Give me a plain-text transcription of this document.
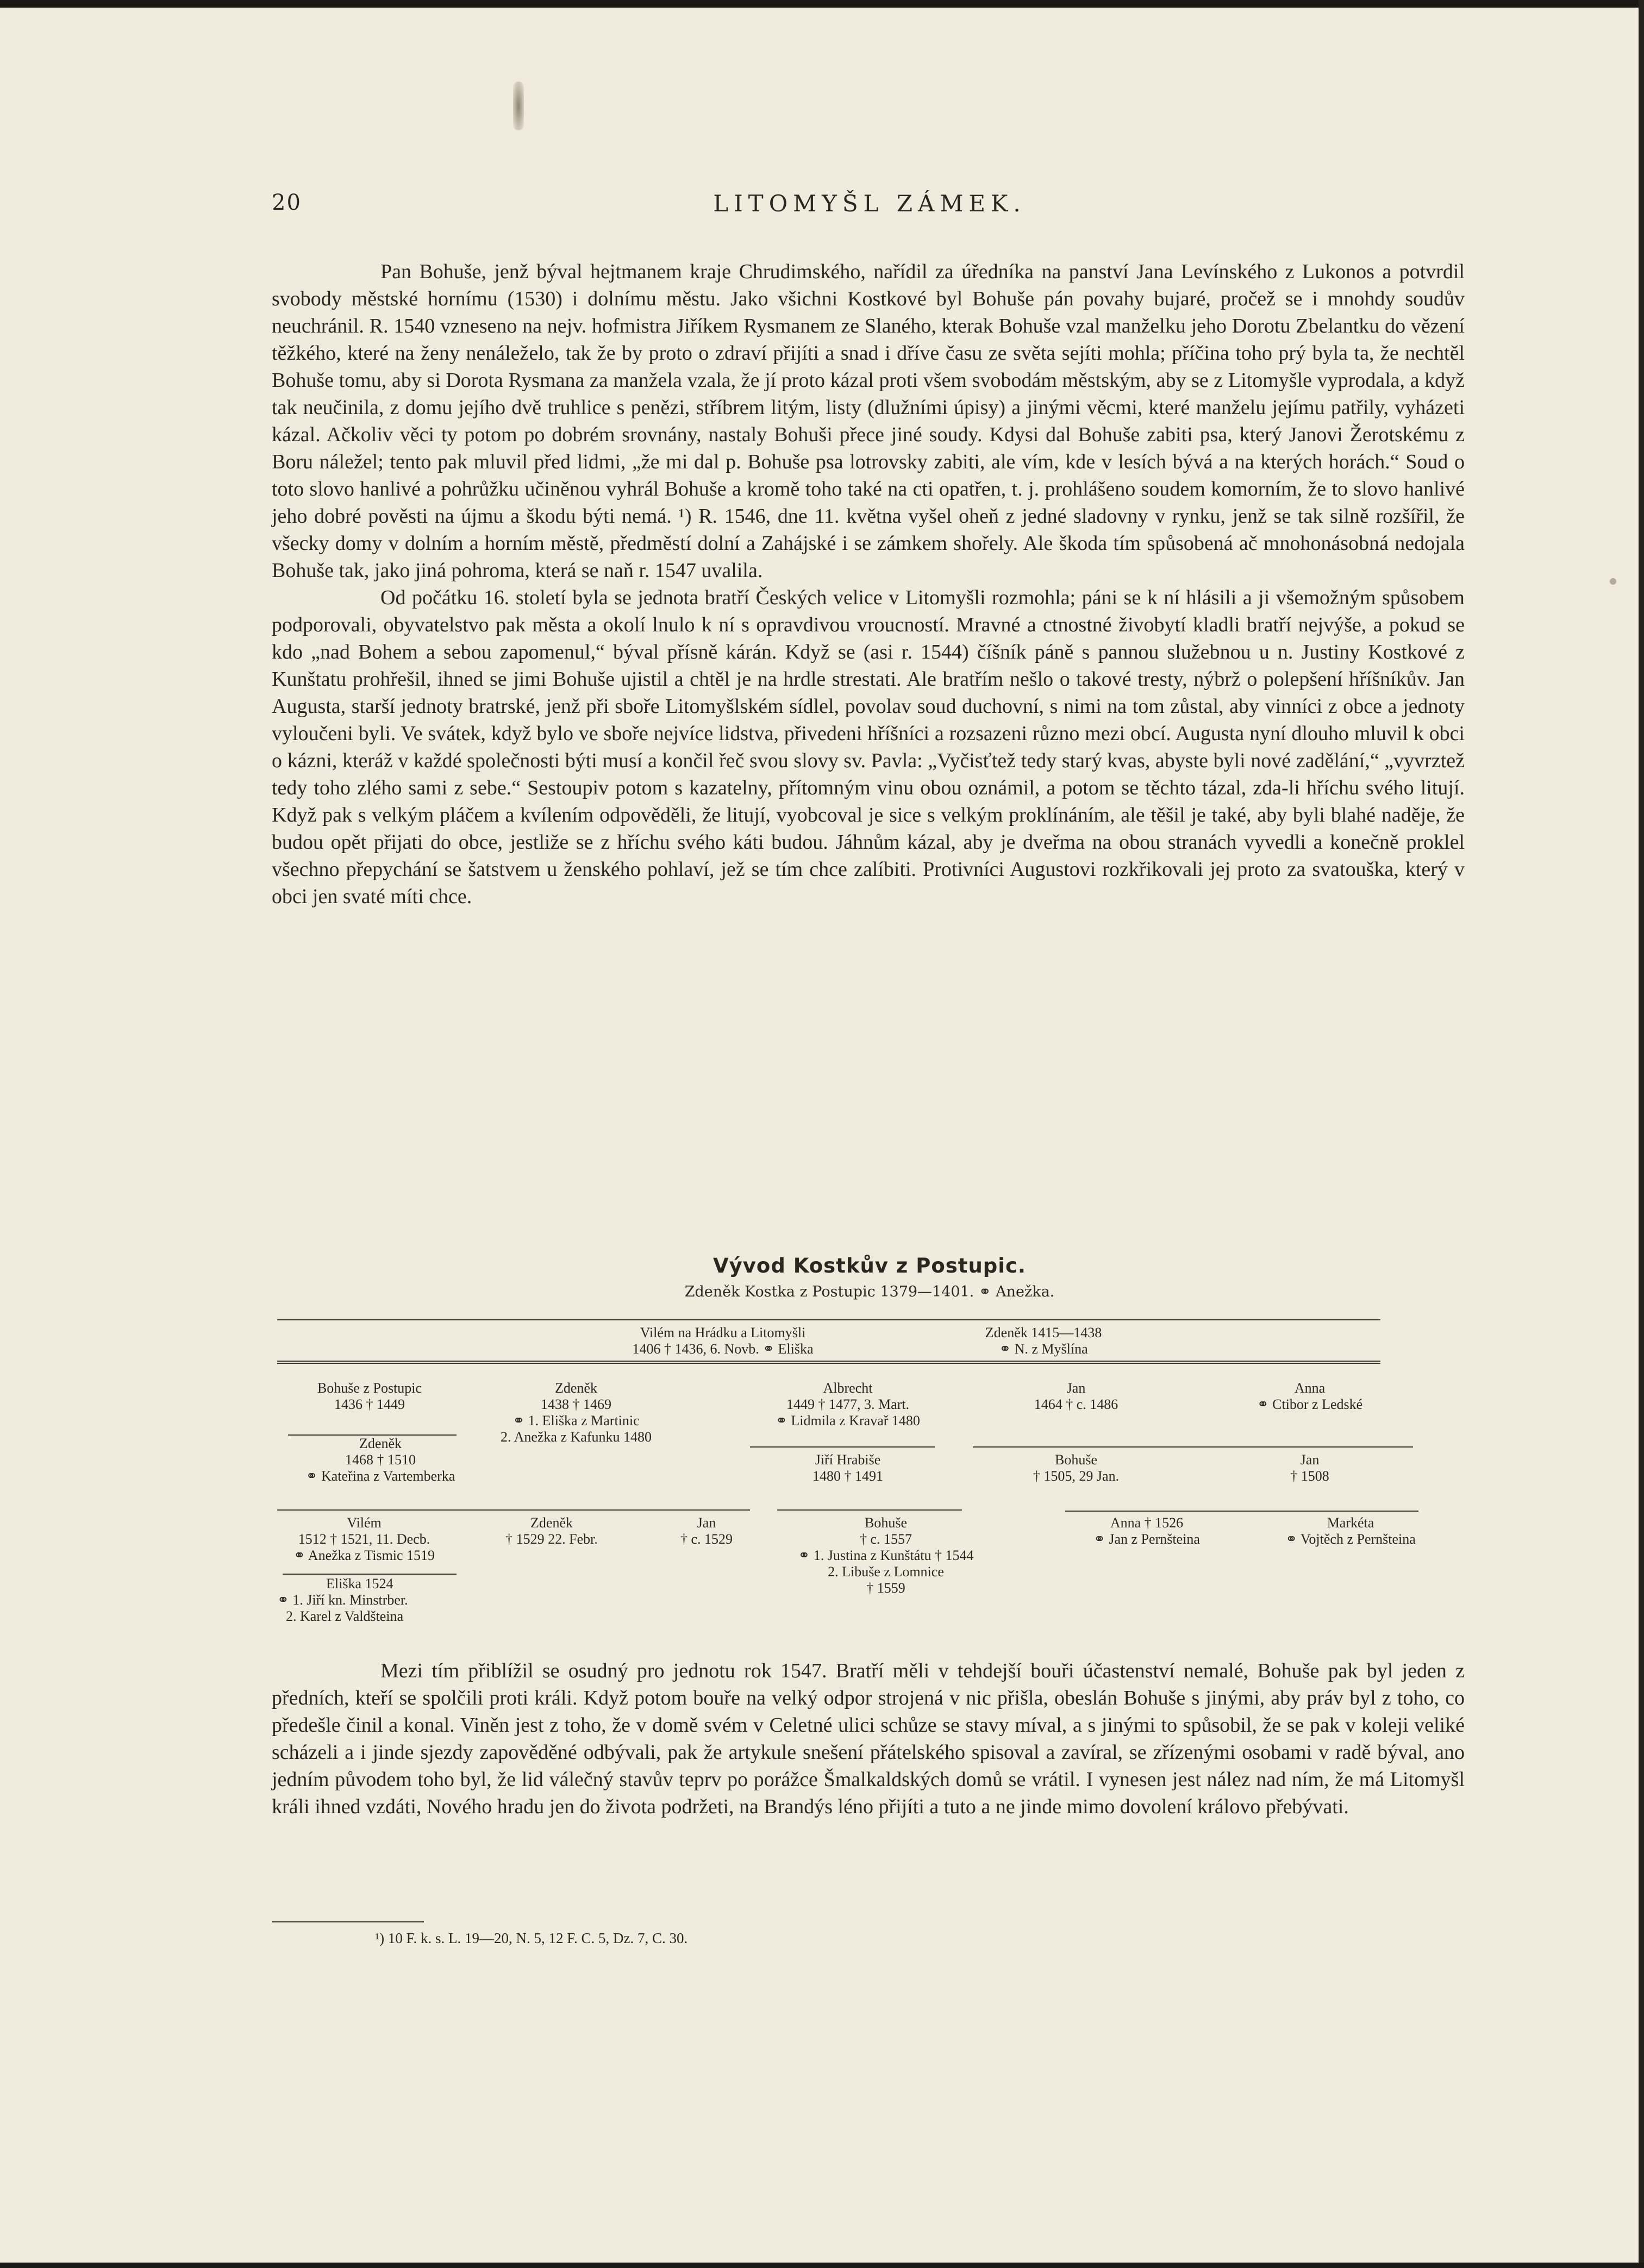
20	LITOMYŠL ZÁMEK.

Pan Bohuše, jenž býval hejtmanem kraje Chrudimského, nařídil za úředníka na panství Jana Levínského z Lukonos a potvrdil svobody městské hornímu (1530) i dolnímu městu. Jako všichni Kostkové byl Bohuše pán povahy bujaré, pročež se i mnohdy soudův neuchránil. R. 1540 vzneseno na nejv. hofmistra Jiříkem Rysmanem ze Slaného, kterak Bohuše vzal manželku jeho Dorotu Zbelantku do vězení těžkého, které na ženy nenáleželo, tak že by proto o zdraví přijíti a snad i dříve času ze světa sejíti mohla; příčina toho prý byla ta, že nechtěl Bohuše tomu, aby si Dorota Rysmana za manžela vzala, že jí proto kázal proti všem svobodám městským, aby se z Litomyšle vyprodala, a když tak neučinila, z domu jejího dvě truhlice s penězi, stříbrem litým, listy (dlužními úpisy) a jinými věcmi, které manželu jejímu patřily, vyházeti kázal. Ačkoliv věci ty potom po dobrém srovnány, nastaly Bohuši přece jiné soudy. Kdysi dal Bohuše zabiti psa, který Janovi Žerotskému z Boru náležel; tento pak mluvil před lidmi, „že mi dal p. Bohuše psa lotrovsky zabiti, ale vím, kde v lesích bývá a na kterých horách.“ Soud o toto slovo hanlivé a pohrůžku učiněnou vyhrál Bohuše a kromě toho také na cti opatřen, t. j. prohlášeno soudem komorním, že to slovo hanlivé jeho dobré pověsti na újmu a škodu býti nemá. ¹) R. 1546, dne 11. května vyšel oheň z jedné sladovny v rynku, jenž se tak silně rozšířil, že všecky domy v dolním a horním městě, předměstí dolní a Zahájské i se zámkem shořely. Ale škoda tím spůsobená ač mnohonásobná nedojala Bohuše tak, jako jiná pohroma, která se naň r. 1547 uvalila.

Od počátku 16. století byla se jednota bratří Českých velice v Litomyšli rozmohla; páni se k ní hlásili a ji všemožným spůsobem podporovali, obyvatelstvo pak města a okolí lnulo k ní s opravdivou vroucností. Mravné a ctnostné živobytí kladli bratří nejvýše, a pokud se kdo „nad Bohem a sebou zapomenul,“ býval přísně kárán. Když se (asi r. 1544) číšník páně s pannou služebnou u n. Justiny Kostkové z Kunštatu prohřešil, ihned se jimi Bohuše ujistil a chtěl je na hrdle strestati. Ale bratřím nešlo o takové tresty, nýbrž o polepšení hříšníkův. Jan Augusta, starší jednoty bratrské, jenž při sboře Litomyšlském sídlel, povolav soud duchovní, s nimi na tom zůstal, aby vinníci z obce a jednoty vyloučeni byli. Ve svátek, když bylo ve sboře nejvíce lidstva, přivedeni hříšníci a rozsazeni různo mezi obcí. Augusta nyní dlouho mluvil k obci o kázni, kteráž v každé společnosti býti musí a končil řeč svou slovy sv. Pavla: „Vyčisťtež tedy starý kvas, abyste byli nové zadělání,“ „vyvrztež tedy toho zlého sami z sebe.“ Sestoupiv potom s kazatelny, přítomným vinu obou oznámil, a potom se těchto tázal, zda-li hříchu svého litují. Když pak s velkým pláčem a kvílením odpověděli, že litují, vyobcoval je sice s velkým proklínáním, ale těšil je také, aby byli blahé naděje, že budou opět přijati do obce, jestliže se z hříchu svého káti budou. Jáhnům kázal, aby je dveřma na obou stranách vyvedli a konečně proklel všechno přepychání se šatstvem u ženského pohlaví, jež se tím chce zalíbiti. Protivníci Augustovi rozkřikovali jej proto za svatouška, který v obci jen svaté míti chce.

Vývod Kostkův z Postupic.
Zdeněk Kostka z Postupic 1379—1401. ⚭ Anežka.
Vilém na Hrádku a Litomyšli
1406 † 1436, 6. Novb. ⚭ Eliška
Zdeněk 1415—1438
⚭ N. z Myšlína
Bohuše z Postupic
1436 † 1449
Zdeněk
1438 † 1469
⚭ 1. Eliška z Martinic
2. Anežka z Kafunku 1480
Albrecht
1449 † 1477, 3. Mart.
⚭ Lidmila z Kravař 1480
Jan
1464 † c. 1486
Anna
⚭ Ctibor z Ledské
Zdeněk
1468 † 1510
⚭ Kateřina z Vartemberka
Jiří Hrabiše
1480 † 1491
Bohuše
† 1505, 29 Jan.
Jan
† 1508
Vilém
1512 † 1521, 11. Decb.
⚭ Anežka z Tismic 1519
Zdeněk
† 1529 22. Febr.
Jan
† c. 1529
Bohuše
† c. 1557
⚭ 1. Justina z Kunštátu † 1544
2. Libuše z Lomnice
† 1559
Anna † 1526
⚭ Jan z Pernšteina
Markéta
⚭ Vojtěch z Pernšteina
Eliška 1524
⚭ 1. Jiří kn. Minstrber.
2. Karel z Valdšteina

Mezi tím přiblížil se osudný pro jednotu rok 1547. Bratří měli v tehdejší bouři účastenství nemalé, Bohuše pak byl jeden z předních, kteří se spolčili proti králi. Když potom bouře na velký odpor strojená v nic přišla, obeslán Bohuše s jinými, aby práv byl z toho, co předešle činil a konal. Viněn jest z toho, že v domě svém v Celetné ulici schůze se stavy míval, a s jinými to spůsobil, že se pak v koleji veliké scházeli a i jinde sjezdy zapověděné odbývali, pak že artykule snešení přátelského spisoval a zavíral, se zřízenými osobami v radě býval, ano jedním původem toho byl, že lid válečný stavův teprv po porážce Šmalkaldských domů se vrátil. I vynesen jest nález nad ním, že má Litomyšl králi ihned vzdáti, Nového hradu jen do života podržeti, na Brandýs léno přijíti a tuto a ne jinde mimo dovolení královo přebývati.

¹) 10 F. k. s. L. 19—20, N. 5, 12 F. C. 5, Dz. 7, C. 30.
